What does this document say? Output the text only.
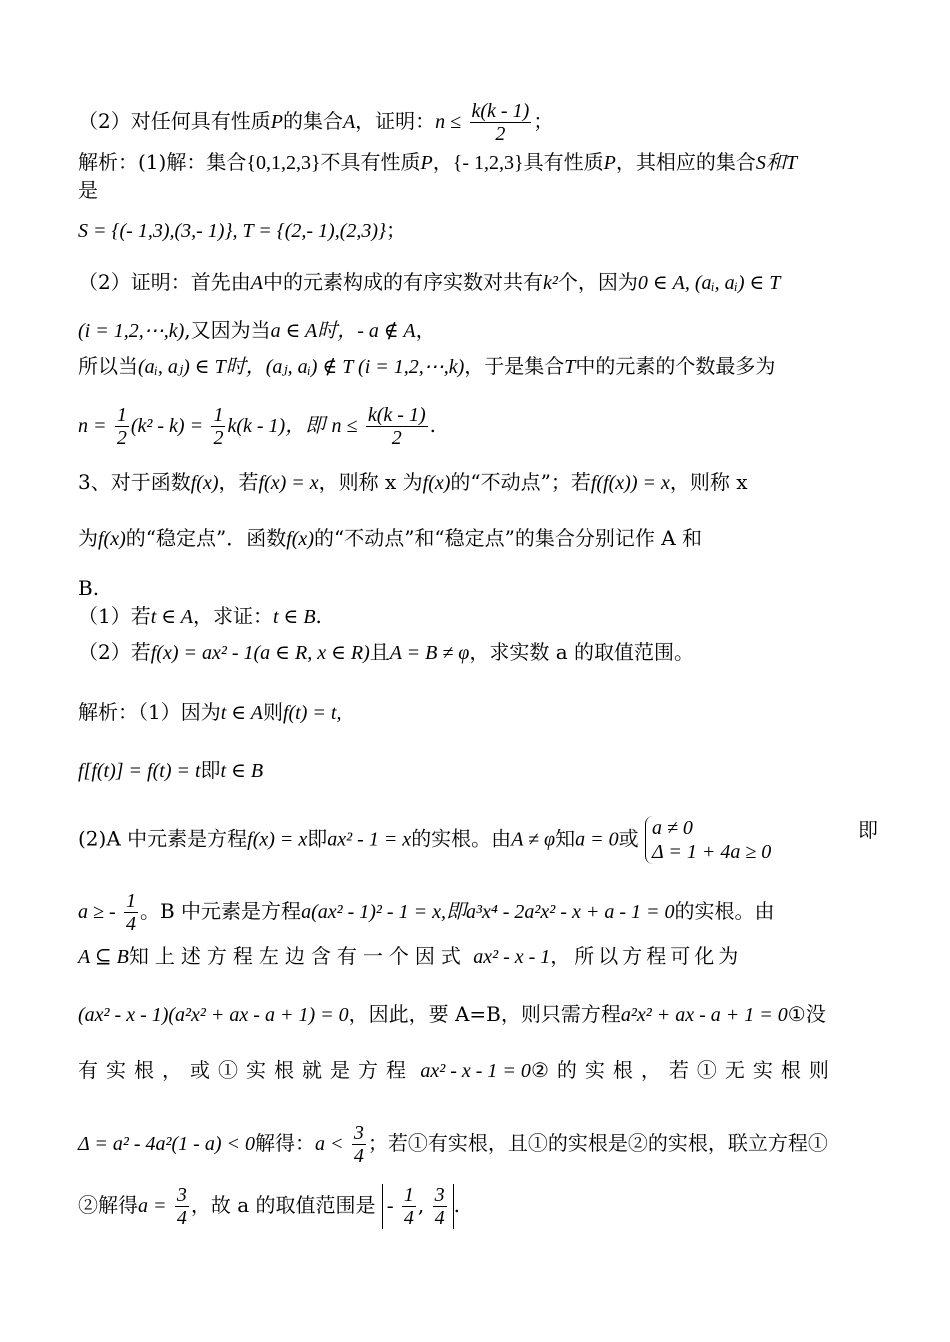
（2）对任何具有性质P的集合A，证明：$n \le \frac{k(k - 1)}{2}$ ；
解析：(1)解：集合{0,1,2,3}不具有性质P，{- 1,2,3}具有性质P，其相应的集合S和T
是
S = {(- 1,3),(3,- 1)}, T = {(2,- 1),(2,3)}；
（2）证明：首先由A中的元素构成的有序实数对共有k²个，因为0 ∈ A, (aᵢ, aᵢ) ∈ T
(i = 1,2,⋯,k),又因为当a ∈ A时，- a ∉ A，
所以当(aᵢ, aⱼ) ∈ T时，(aⱼ, aᵢ) ∉ T (i = 1,2,⋯,k)，于是集合T中的元素的个数最多为
$n = \frac{1}{2} (k^2 - k) = \frac{1}{2} k(k - 1)$，即 $n \le \frac{k(k - 1)}{2}$ .
3、对于函数f(x)，若f(x) = x，则称 x 为f(x)的“不动点”；若f(f(x)) = x，则称 x
为f(x)的“稳定点”．函数f(x)的“不动点”和“稳定点”的集合分别记作 A 和
B.
（1）若t ∈ A，求证：t ∈ B.
（2）若f(x) = ax² - 1(a ∈ R, x ∈ R)且A = B ≠ φ，求实数 a 的取值范围。
解析：（1）因为t ∈ A则f(t) = t,
f[f(t)] = f(t) = t即t ∈ B
(2)A 中元素是方程f(x) = x即ax² - 1 = x的实根。由A ≠ φ知a = 0或 a ≠ 0
Δ = 1 + 4a ≥ 0
即
a ≥ - $\frac{1}{4}$ 。B 中元素是方程a(ax² - 1)² - 1 = x,即a³x⁴ - 2a²x² - x + a - 1 = 0的实根。由
A ⊆ B知上述方程左边含有一个因式 ax² - x - 1，所以方程可化为
(ax² - x - 1)(a²x² + ax - a + 1) = 0，因此，要 A=B，则只需方程a²x² + ax - a + 1 = 0①没
有实根，或①实根就是方程 ax² - x - 1 = 0②的实根，若①无实根则
Δ = a² - 4a²(1 - a) < 0解得：$a < \frac{3}{4}$ ；若①有实根，且①的实根是②的实根，联立方程①
②解得$a = \frac{3}{4}$ ，故 a 的取值范围是 - $\frac{1}{4}$ , $\frac{3}{4}$ .
